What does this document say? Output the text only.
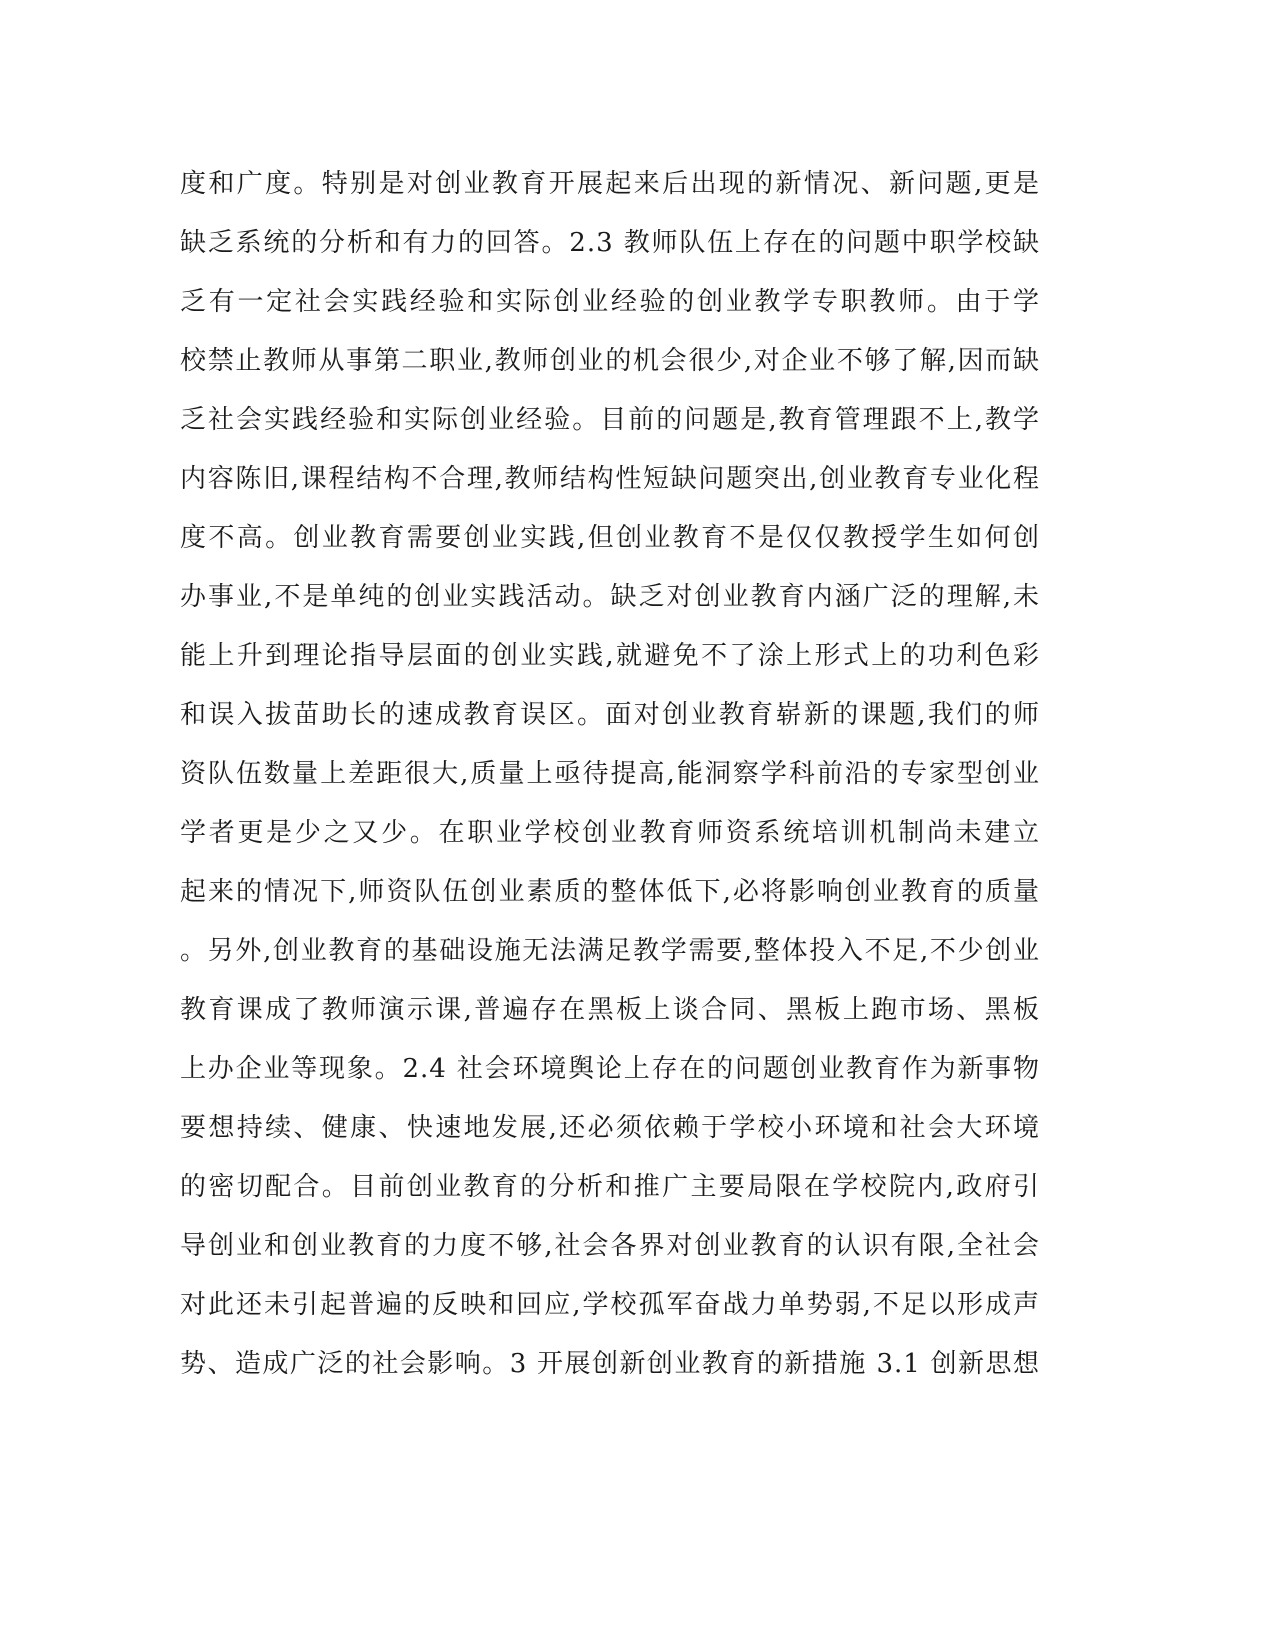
度和广度。特别是对创业教育开展起来后出现的新情况、新问题,更是
缺乏系统的分析和有力的回答。2.3 教师队伍上存在的问题中职学校缺
乏有一定社会实践经验和实际创业经验的创业教学专职教师。由于学
校禁止教师从事第二职业,教师创业的机会很少,对企业不够了解,因而缺
乏社会实践经验和实际创业经验。目前的问题是,教育管理跟不上,教学
内容陈旧,课程结构不合理,教师结构性短缺问题突出,创业教育专业化程
度不高。创业教育需要创业实践,但创业教育不是仅仅教授学生如何创
办事业,不是单纯的创业实践活动。缺乏对创业教育内涵广泛的理解,未
能上升到理论指导层面的创业实践,就避免不了涂上形式上的功利色彩
和误入拔苗助长的速成教育误区。面对创业教育崭新的课题,我们的师
资队伍数量上差距很大,质量上亟待提高,能洞察学科前沿的专家型创业
学者更是少之又少。在职业学校创业教育师资系统培训机制尚未建立
起来的情况下,师资队伍创业素质的整体低下,必将影响创业教育的质量
。另外,创业教育的基础设施无法满足教学需要,整体投入不足,不少创业
教育课成了教师演示课,普遍存在黑板上谈合同、黑板上跑市场、黑板
上办企业等现象。2.4 社会环境舆论上存在的问题创业教育作为新事物
要想持续、健康、快速地发展,还必须依赖于学校小环境和社会大环境
的密切配合。目前创业教育的分析和推广主要局限在学校院内,政府引
导创业和创业教育的力度不够,社会各界对创业教育的认识有限,全社会
对此还未引起普遍的反映和回应,学校孤军奋战力单势弱,不足以形成声
势、造成广泛的社会影响。3 开展创新创业教育的新措施 3.1 创新思想
